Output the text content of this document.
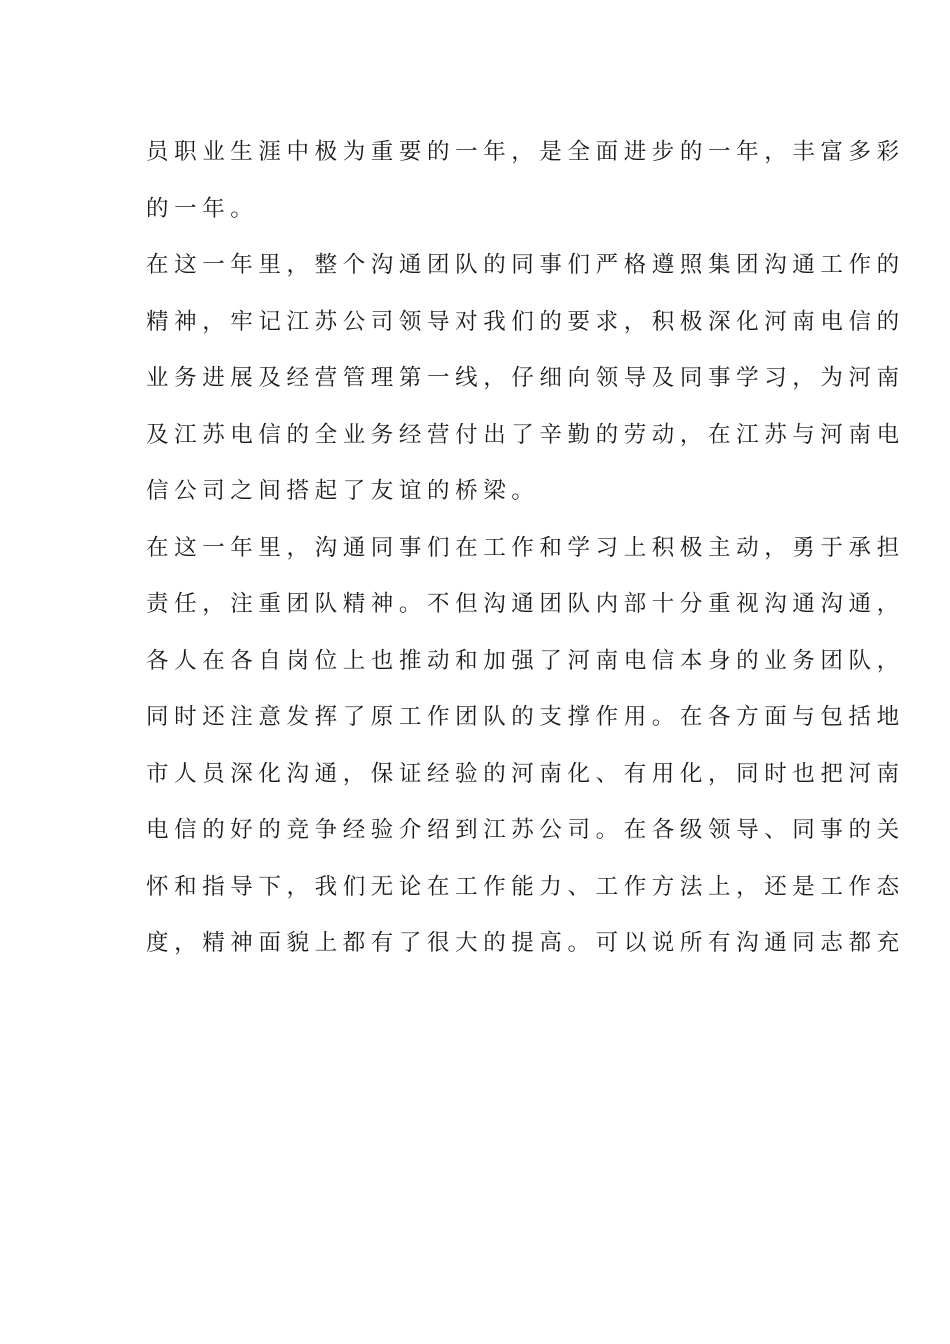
员职业生涯中极为重要的一年，是全面进步的一年，丰富多彩
的一年。
在这一年里，整个沟通团队的同事们严格遵照集团沟通工作的
精神，牢记江苏公司领导对我们的要求，积极深化河南电信的
业务进展及经营管理第一线，仔细向领导及同事学习，为河南
及江苏电信的全业务经营付出了辛勤的劳动，在江苏与河南电
信公司之间搭起了友谊的桥梁。
在这一年里，沟通同事们在工作和学习上积极主动，勇于承担
责任，注重团队精神。不但沟通团队内部十分重视沟通沟通，
各人在各自岗位上也推动和加强了河南电信本身的业务团队，
同时还注意发挥了原工作团队的支撑作用。在各方面与包括地
市人员深化沟通，保证经验的河南化、有用化，同时也把河南
电信的好的竞争经验介绍到江苏公司。在各级领导、同事的关
怀和指导下，我们无论在工作能力、工作方法上，还是工作态
度，精神面貌上都有了很大的提高。可以说所有沟通同志都充
